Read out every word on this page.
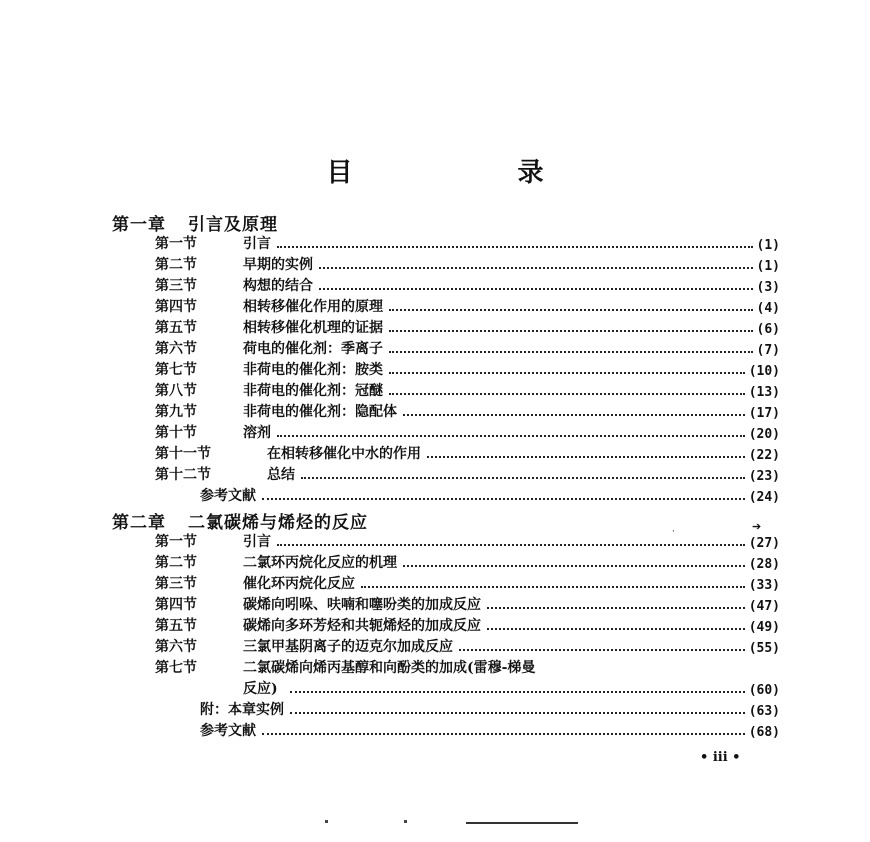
目 录
第一章 引言及原理
第一节	引言	(1)
第二节	早期的实例	(1)
第三节	构想的结合	(3)
第四节	相转移催化作用的原理	(4)
第五节	相转移催化机理的证据	(6)
第六节	荷电的催化剂：季离子	(7)
第七节	非荷电的催化剂：胺类	(10)
第八节	非荷电的催化剂：冠醚	(13)
第九节	非荷电的催化剂：隐配体	(17)
第十节	溶剂	(20)
第十一节	在相转移催化中水的作用	(22)
第十二节	总结	(23)
参考文献	(24)
第二章 二氯碳烯与烯烃的反应	➔
·
第一节	引言	(27)
第二节	二氯环丙烷化反应的机理	(28)
第三节	催化环丙烷化反应	(33)
第四节	碳烯向吲哚、呋喃和噻吩类的加成反应	(47)
第五节	碳烯向多环芳烃和共轭烯烃的加成反应	(49)
第六节	三氯甲基阴离子的迈克尔加成反应	(55)
第七节	二氯碳烯向烯丙基醇和向酚类的加成(雷穆-梯曼
反应)	(60)
附：本章实例	(63)
参考文献	(68)
• iii •
